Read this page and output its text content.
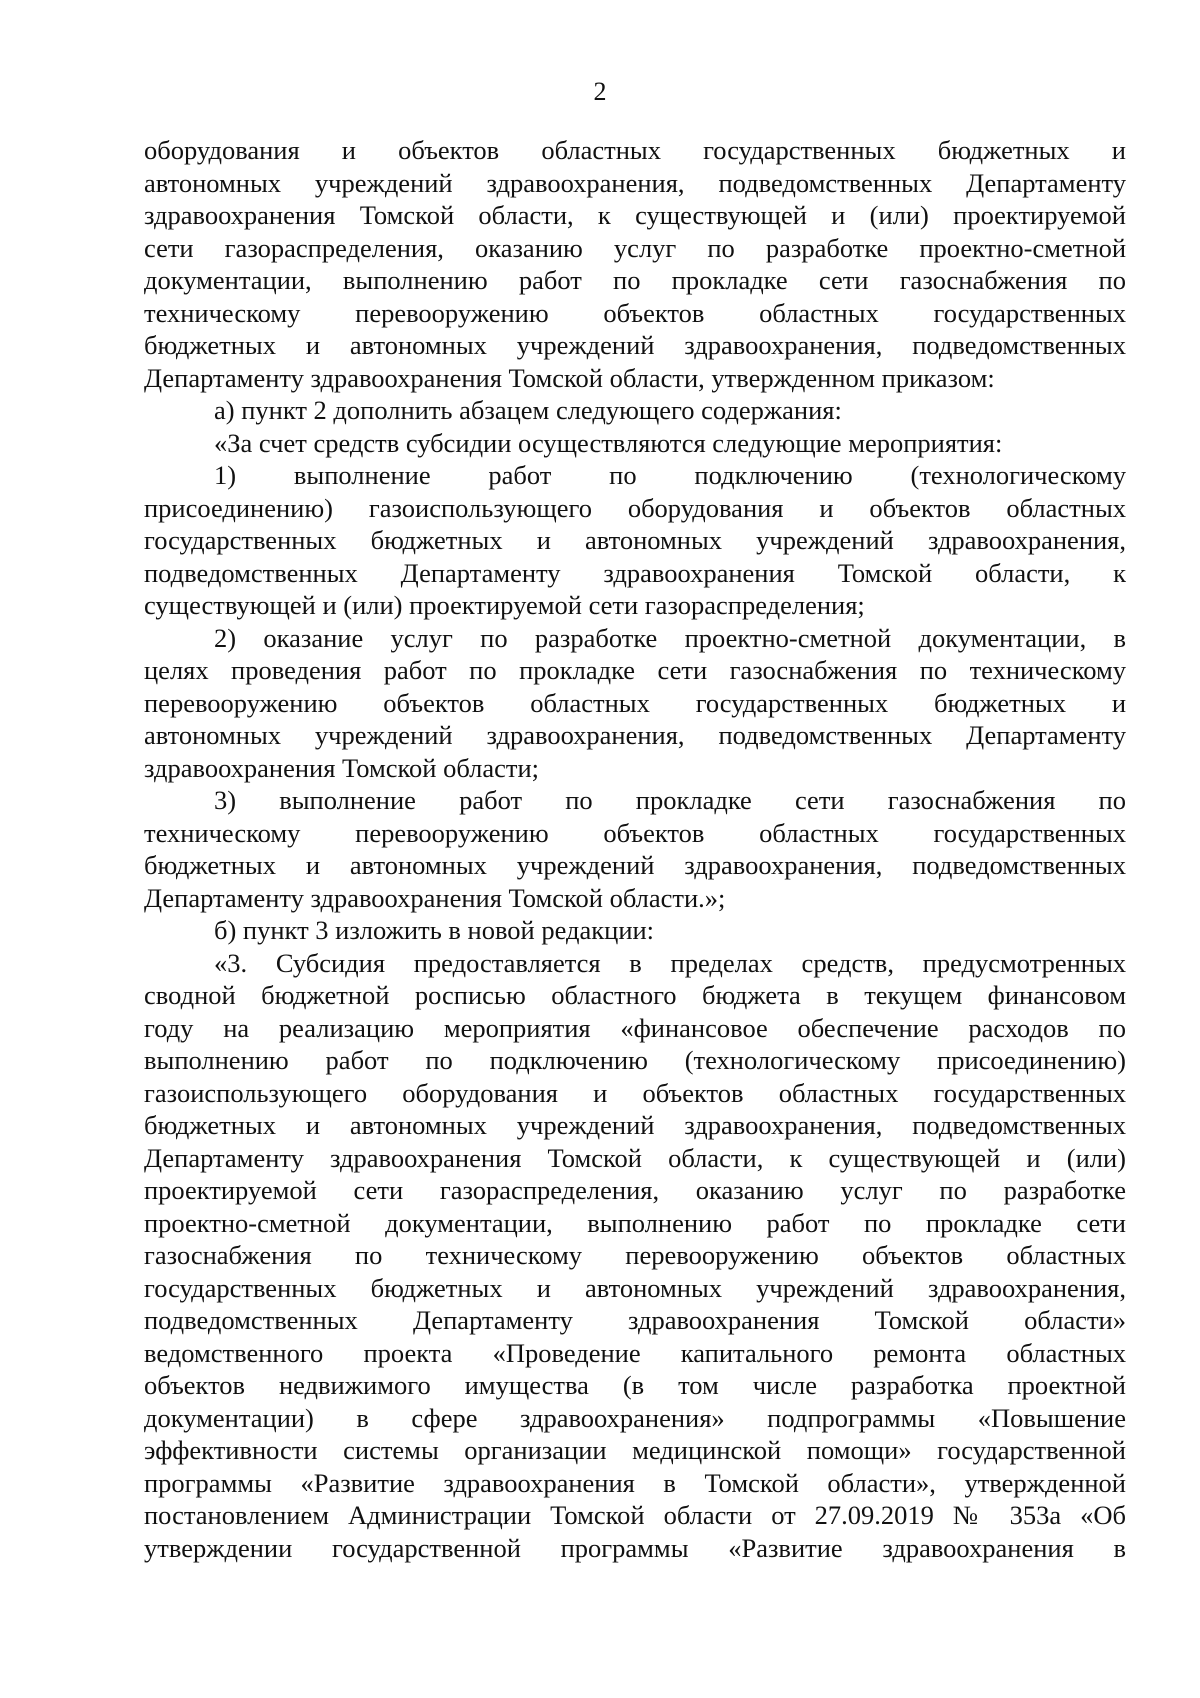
2
оборудования и объектов областных государственных бюджетных и
автономных учреждений здравоохранения, подведомственных Департаменту
здравоохранения Томской области, к существующей и (или) проектируемой
сети газораспределения, оказанию услуг по разработке проектно-сметной
документации, выполнению работ по прокладке сети газоснабжения по
техническому перевооружению объектов областных государственных
бюджетных и автономных учреждений здравоохранения, подведомственных
Департаменту здравоохранения Томской области, утвержденном приказом:
а) пункт 2 дополнить абзацем следующего содержания:
«За счет средств субсидии осуществляются следующие мероприятия:
1) выполнение работ по подключению (технологическому
присоединению) газоиспользующего оборудования и объектов областных
государственных бюджетных и автономных учреждений здравоохранения,
подведомственных Департаменту здравоохранения Томской области, к
существующей и (или) проектируемой сети газораспределения;
2) оказание услуг по разработке проектно-сметной документации, в
целях проведения работ по прокладке сети газоснабжения по техническому
перевооружению объектов областных государственных бюджетных и
автономных учреждений здравоохранения, подведомственных Департаменту
здравоохранения Томской области;
3) выполнение работ по прокладке сети газоснабжения по
техническому перевооружению объектов областных государственных
бюджетных и автономных учреждений здравоохранения, подведомственных
Департаменту здравоохранения Томской области.»;
б) пункт 3 изложить в новой редакции:
«3. Субсидия предоставляется в пределах средств, предусмотренных
сводной бюджетной росписью областного бюджета в текущем финансовом
году на реализацию мероприятия «финансовое обеспечение расходов по
выполнению работ по подключению (технологическому присоединению)
газоиспользующего оборудования и объектов областных государственных
бюджетных и автономных учреждений здравоохранения, подведомственных
Департаменту здравоохранения Томской области, к существующей и (или)
проектируемой сети газораспределения, оказанию услуг по разработке
проектно-сметной документации, выполнению работ по прокладке сети
газоснабжения по техническому перевооружению объектов областных
государственных бюджетных и автономных учреждений здравоохранения,
подведомственных Департаменту здравоохранения Томской области»
ведомственного проекта «Проведение капитального ремонта областных
объектов недвижимого имущества (в том числе разработка проектной
документации) в сфере здравоохранения» подпрограммы «Повышение
эффективности системы организации медицинской помощи» государственной
программы «Развитие здравоохранения в Томской области», утвержденной
постановлением Администрации Томской области от 27.09.2019 № 353а «Об
утверждении государственной программы «Развитие здравоохранения в
